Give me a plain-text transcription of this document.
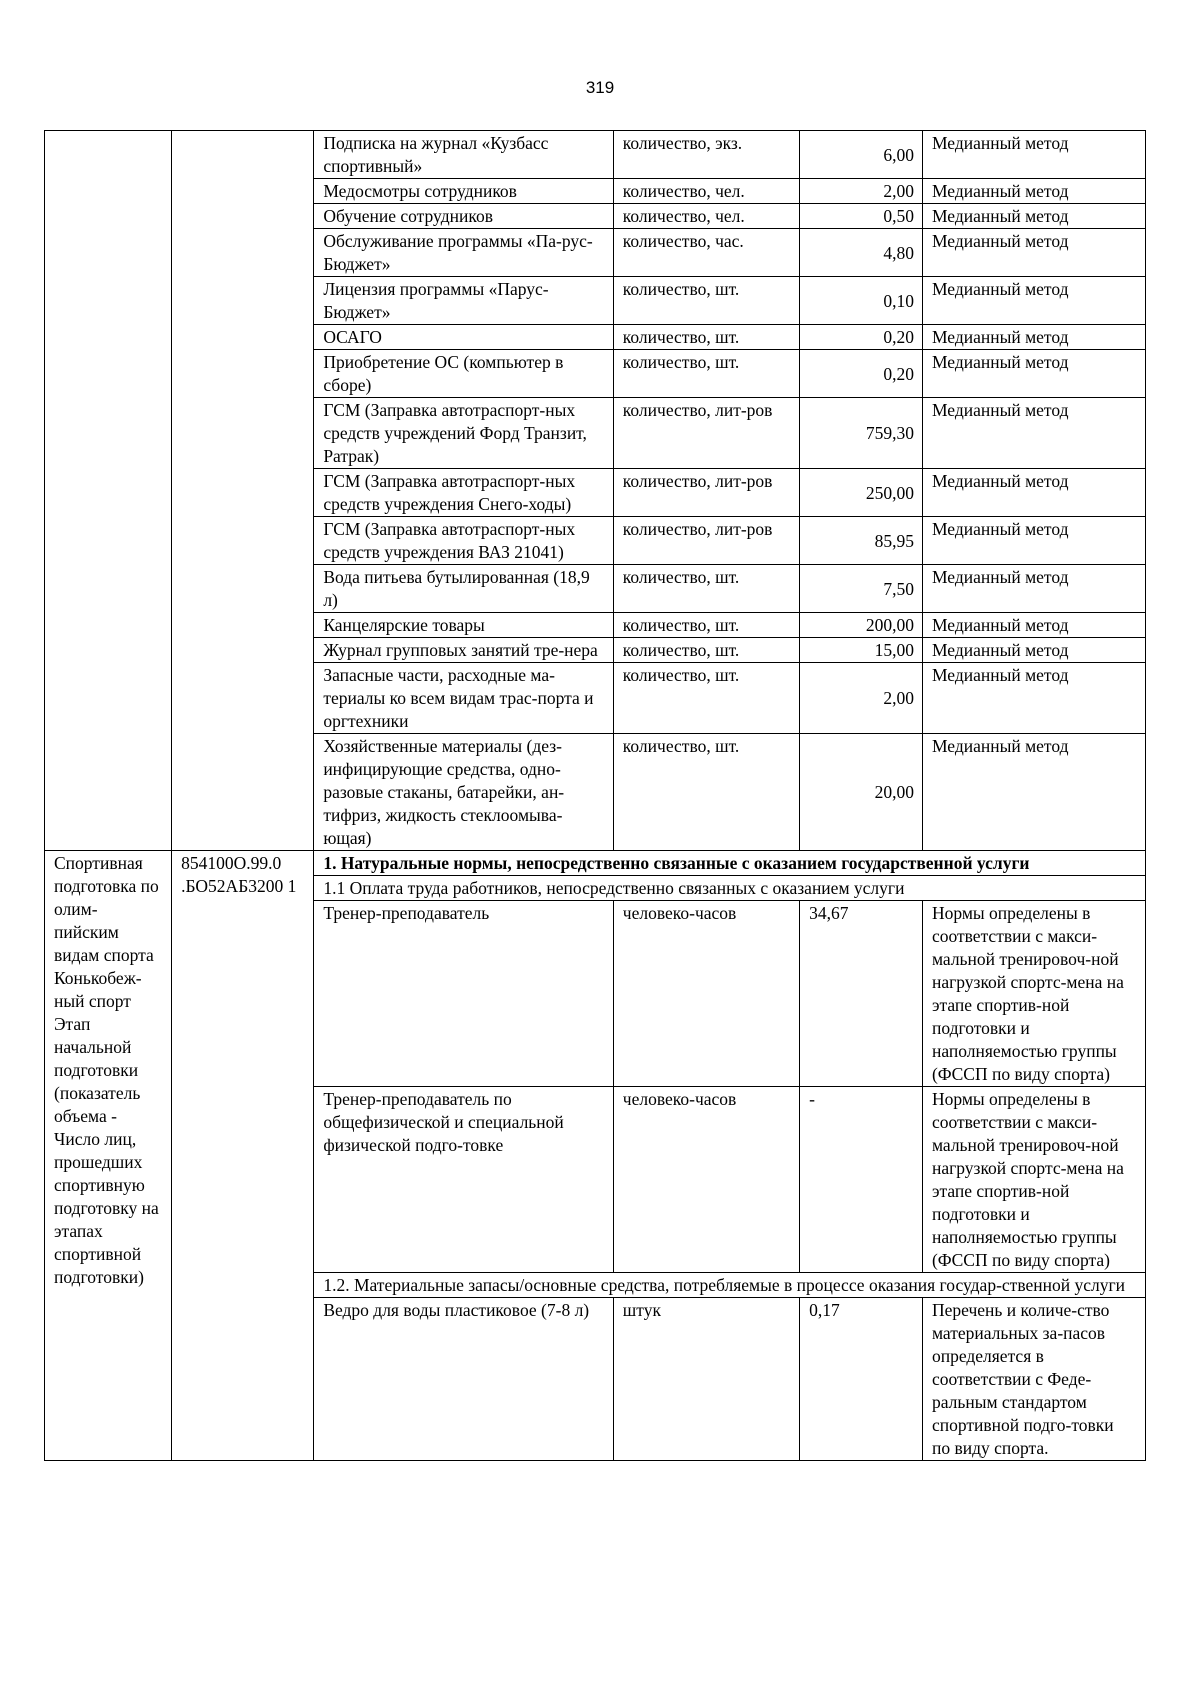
319
		Подписка на журнал «Кузбасс спортивный»	количество, экз.	6,00	Медианный метод
		Медосмотры сотрудников	количество, чел.	2,00	Медианный метод
		Обучение сотрудников	количество, чел.	0,50	Медианный метод
		Обслуживание программы «Па-рус-Бюджет»	количество, час.	4,80	Медианный метод
		Лицензия программы «Парус-Бюджет»	количество, шт.	0,10	Медианный метод
		ОСАГО	количество, шт.	0,20	Медианный метод
		Приобретение ОС (компьютер в сборе)	количество, шт.	0,20	Медианный метод
		ГСМ (Заправка автотраспорт-ных средств учреждений Форд Транзит, Ратрак)	количество, лит-ров	759,30	Медианный метод
		ГСМ (Заправка автотраспорт-ных средств учреждения Снего-ходы)	количество, лит-ров	250,00	Медианный метод
		ГСМ (Заправка автотраспорт-ных средств учреждения ВАЗ 21041)	количество, лит-ров	85,95	Медианный метод
		Вода питьева бутылированная (18,9 л)	количество, шт.	7,50	Медианный метод
		Канцелярские товары	количество, шт.	200,00	Медианный метод
		Журнал групповых занятий тре-нера	количество, шт.	15,00	Медианный метод
		Запасные части, расходные ма-териалы ко всем видам трас-порта и оргтехники	количество, шт.	2,00	Медианный метод
		Хозяйственные материалы (дез-инфицирующие средства, одно-разовые стаканы, батарейки, ан-тифриз, жидкость стеклоомыва-ющая)	количество, шт.	20,00	Медианный метод
Спортивная подготовка по олим-пийским видам спорта Конькобеж-ный спорт Этап начальной подготовки (показатель объема - Число лиц, прошедших спортивную подготовку на этапах спортивной подготовки)	854100О.99.0 .БО52АБ3200 1	1. Натуральные нормы, непосредственно связанные с оказанием государственной услуги			
		1.1 Оплата труда работников, непосредственно связанных с оказанием услуги			
		Тренер-преподаватель	человеко-часов	34,67	Нормы определены в соответствии с макси-мальной тренировоч-ной нагрузкой спортс-мена на этапе спортив-ной подготовки и наполняемостью группы (ФССП по виду спорта)
		Тренер-преподаватель по общефизической и специальной физической подго-товке	человеко-часов	-	Нормы определены в соответствии с макси-мальной тренировоч-ной нагрузкой спортс-мена на этапе спортив-ной подготовки и наполняемостью группы (ФССП по виду спорта)
		1.2. Материальные запасы/основные средства, потребляемые в процессе оказания государ-ственной услуги			
		Ведро для воды пластиковое (7-8 л)	штук	0,17	Перечень и количе-ство материальных за-пасов определяется в соответствии с Феде-ральным стандартом спортивной подго-товки по виду спорта.
